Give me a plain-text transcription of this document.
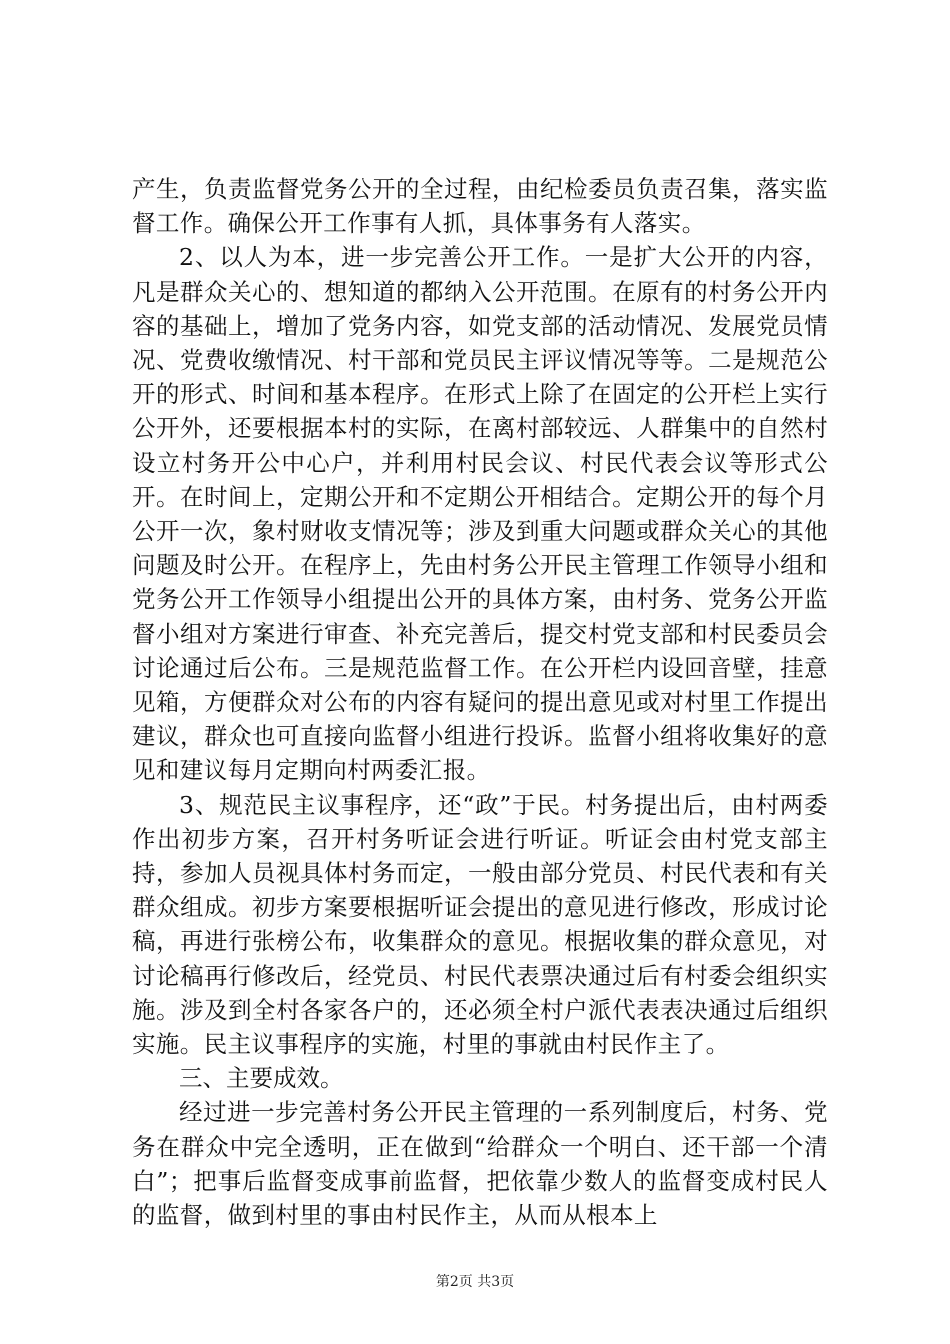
产生，负责监督党务公开的全过程，由纪检委员负责召集，落实监督工作。确保公开工作事有人抓，具体事务有人落实。

2、以人为本，进一步完善公开工作。一是扩大公开的内容，凡是群众关心的、想知道的都纳入公开范围。在原有的村务公开内容的基础上，增加了党务内容，如党支部的活动情况、发展党员情况、党费收缴情况、村干部和党员民主评议情况等等。二是规范公开的形式、时间和基本程序。在形式上除了在固定的公开栏上实行公开外，还要根据本村的实际，在离村部较远、人群集中的自然村设立村务开公中心户，并利用村民会议、村民代表会议等形式公开。在时间上，定期公开和不定期公开相结合。定期公开的每个月公开一次，象村财收支情况等；涉及到重大问题或群众关心的其他问题及时公开。在程序上，先由村务公开民主管理工作领导小组和党务公开工作领导小组提出公开的具体方案，由村务、党务公开监督小组对方案进行审查、补充完善后，提交村党支部和村民委员会讨论通过后公布。三是规范监督工作。在公开栏内设回音壁，挂意见箱，方便群众对公布的内容有疑问的提出意见或对村里工作提出建议，群众也可直接向监督小组进行投诉。监督小组将收集好的意见和建议每月定期向村两委汇报。

3、规范民主议事程序，还“政”于民。村务提出后，由村两委作出初步方案，召开村务听证会进行听证。听证会由村党支部主持，参加人员视具体村务而定，一般由部分党员、村民代表和有关群众组成。初步方案要根据听证会提出的意见进行修改，形成讨论稿，再进行张榜公布，收集群众的意见。根据收集的群众意见，对讨论稿再行修改后，经党员、村民代表票决通过后有村委会组织实施。涉及到全村各家各户的，还必须全村户派代表表决通过后组织实施。民主议事程序的实施，村里的事就由村民作主了。

三、主要成效。

经过进一步完善村务公开民主管理的一系列制度后，村务、党务在群众中完全透明，正在做到“给群众一个明白、还干部一个清白”；把事后监督变成事前监督，把依靠少数人的监督变成村民人的监督，做到村里的事由村民作主，从而从根本上

第2页 共3页
